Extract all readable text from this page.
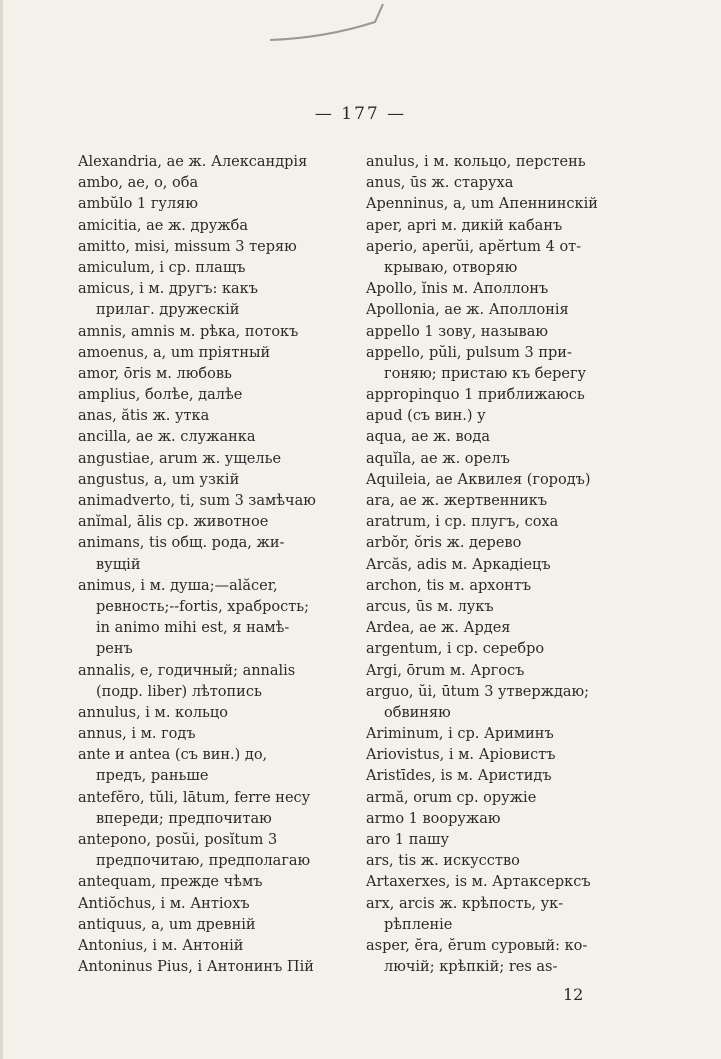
— 177 —
Alexandria, ae ж. Александрія
ambo, ae, o, оба
ambŭlo 1 гуляю
amicitia, ae ж. дружба
amitto, misi, missum 3 теряю
amiculum, i ср. плащъ
amicus, i м. другъ: какъ
прилаг. дружескій
amnis, amnis м. рѣка, потокъ
amoenus, a, um пріятный
amor, ōris м. любовь
amplius, болѣе, далѣе
anas, ătis ж. утка
ancilla, ae ж. служанка
angustiae, arum ж. ущелье
angustus, a, um узкій
animadverto, ti, sum 3 замѣчаю
anĭmal, ālis ср. животное
animans, tis общ. рода, жи-
вущій
animus, i м. душа;—alăcer,
ревность;--fortis, храбрость;
in animo mihi est, я намѣ-
ренъ
annalis, e, годичный; annalis
(подр. liber) лѣтопись
annulus, i м. кольцо
annus, i м. годъ
ante и antea (съ вин.) до,
предъ, раньше
antefĕro, tŭli, lātum, ferre несу
впереди; предпочитаю
antepono, posŭi, posĭtum 3
предпочитаю, предполагаю
antequam, прежде чѣмъ
Antiŏchus, i м. Антіохъ
antiquus, a, um древній
Antonius, i м. Антоній
Antoninus Pius, i Антонинъ Пій
anulus, i м. кольцо, перстень
anus, ūs ж. старуха
Apenninus, a, um Апеннинскій
aper, apri м. дикій кабанъ
aperio, aperŭi, apĕrtum 4 от-
крываю, отворяю
Apollo, ĭnis м. Аполлонъ
Apollonia, ae ж. Аполлонія
appello 1 зову, называю
appello, pŭli, pulsum 3 при-
гоняю; пристаю къ берегу
appropinquo 1 приближаюсь
apud (съ вин.) у
aqua, ae ж. вода
aquĭla, ae ж. орелъ
Aquileia, ae Аквилея (городъ)
ara, ae ж. жертвенникъ
aratrum, i ср. плугъ, соха
arbŏr, ŏris ж. дерево
Arcăs, adis м. Аркадіецъ
archon, tis м. архонтъ
arcus, ūs м. лукъ
Ardea, ae ж. Ардея
argentum, i ср. серебро
Argi, ōrum м. Аргосъ
arguo, ŭi, ūtum 3 утверждаю;
обвиняю
Ariminum, i ср. Ариминъ
Ariovistus, i м. Аріовистъ
Aristīdes, is м. Аристидъ
armă, orum ср. оружіе
armo 1 вооружаю
aro 1 пашу
ars, tis ж. искусство
Artaxerxes, is м. Артаксерксъ
arx, arcis ж. крѣпость, ук-
рѣпленіе
asper, ĕra, ĕrum суровый: ко-
лючій; крѣпкій; res as-
12
